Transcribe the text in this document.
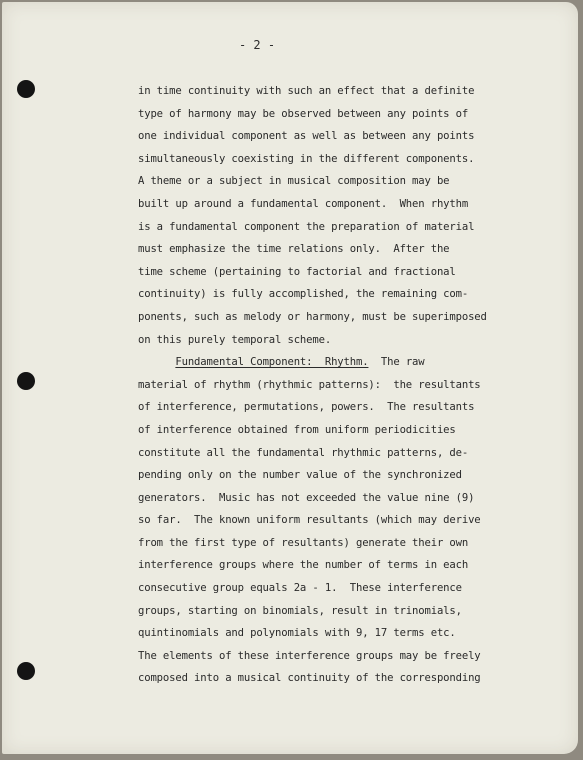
- 2 -
in time continuity with such an effect that a definite
type of harmony may be observed between any points of
one individual component as well as between any points
simultaneously coexisting in the different components.
A theme or a subject in musical composition may be
built up around a fundamental component.  When rhythm
is a fundamental component the preparation of material
must emphasize the time relations only.  After the
time scheme (pertaining to factorial and fractional
continuity) is fully accomplished, the remaining com-
ponents, such as melody or harmony, must be superimposed
on this purely temporal scheme.
Fundamental Component:  Rhythm.  The raw
material of rhythm (rhythmic patterns):  the resultants
of interference, permutations, powers.  The resultants
of interference obtained from uniform periodicities
constitute all the fundamental rhythmic patterns, de-
pending only on the number value of the synchronized
generators.  Music has not exceeded the value nine (9)
so far.  The known uniform resultants (which may derive
from the first type of resultants) generate their own
interference groups where the number of terms in each
consecutive group equals 2a - 1.  These interference
groups, starting on binomials, result in trinomials,
quintinomials and polynomials with 9, 17 terms etc.
The elements of these interference groups may be freely
composed into a musical continuity of the corresponding
